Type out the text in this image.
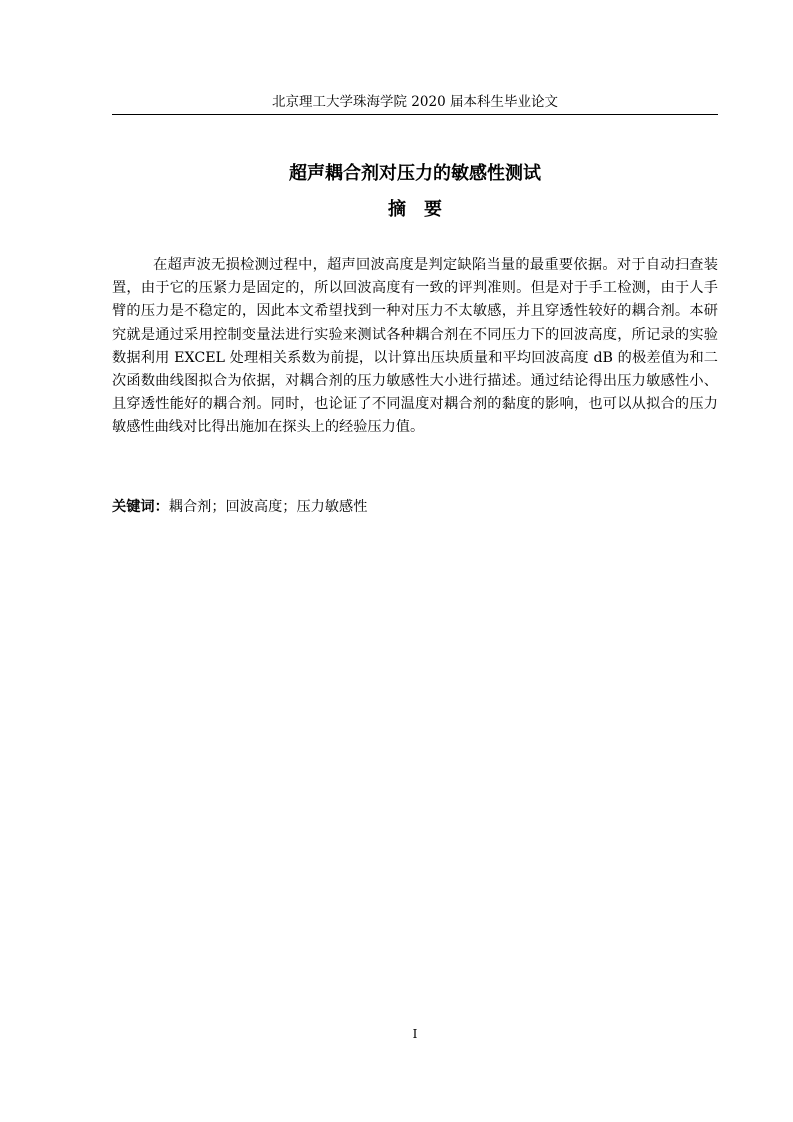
北京理工大学珠海学院 2020 届本科生毕业论文
超声耦合剂对压力的敏感性测试
摘要

在超声波无损检测过程中，超声回波高度是判定缺陷当量的最重要依据。对于自动扫查装置，由于它的压紧力是固定的，所以回波高度有一致的评判准则。但是对于手工检测，由于人手臂的压力是不稳定的，因此本文希望找到一种对压力不太敏感，并且穿透性较好的耦合剂。本研究就是通过采用控制变量法进行实验来测试各种耦合剂在不同压力下的回波高度，所记录的实验数据利用 EXCEL 处理相关系数为前提，以计算出压块质量和平均回波高度 dB 的极差值为和二次函数曲线图拟合为依据，对耦合剂的压力敏感性大小进行描述。通过结论得出压力敏感性小、且穿透性能好的耦合剂。同时，也论证了不同温度对耦合剂的黏度的影响，也可以从拟合的压力敏感性曲线对比得出施加在探头上的经验压力值。

关键词：耦合剂；回波高度；压力敏感性
I
